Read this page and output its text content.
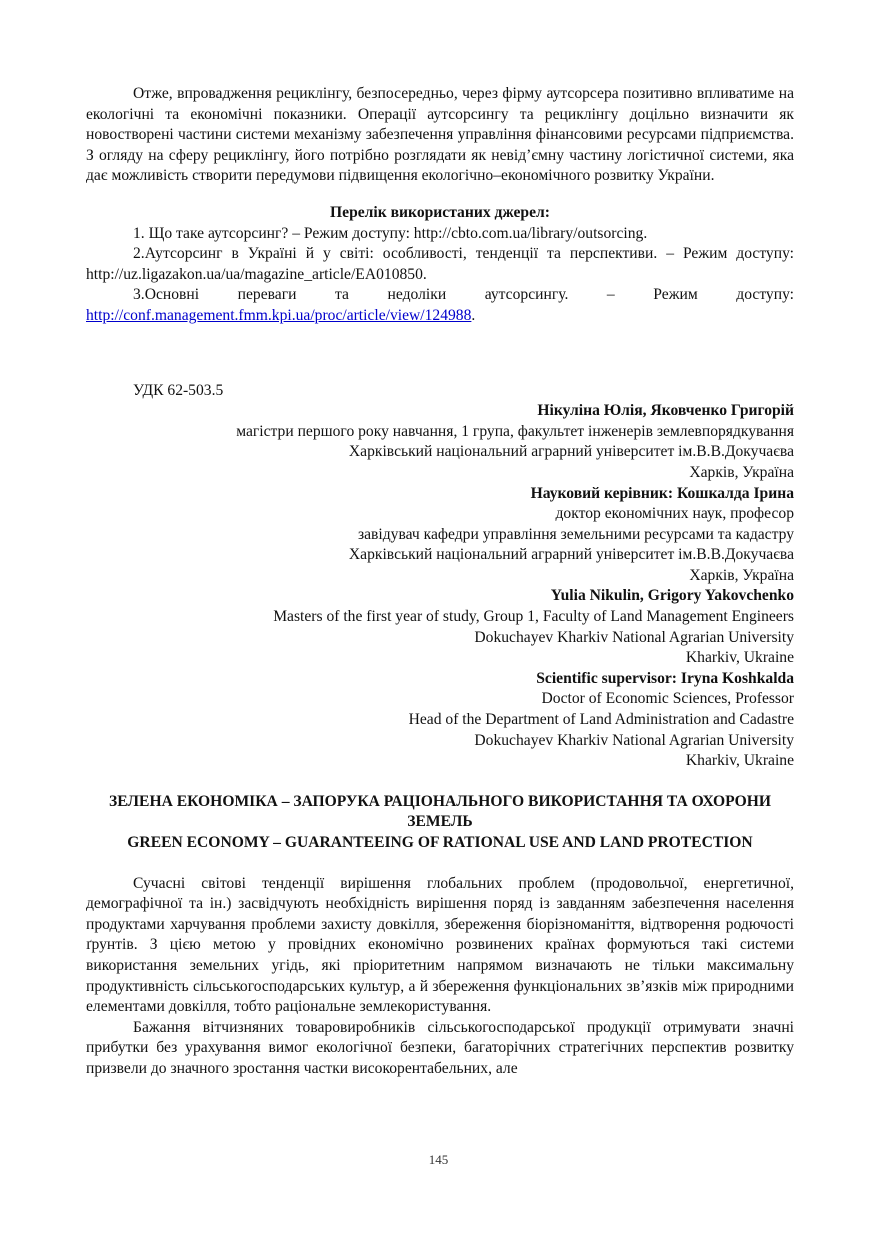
Отже, впровадження рециклінгу, безпосередньо, через фірму аутсорсера позитивно впливатиме на екологічні та економічні показники. Операції аутсорсингу та рециклінгу доцільно визначити як новостворені частини системи механізму забезпечення управління фінансовими ресурсами підприємства. З огляду на сферу рециклінгу, його потрібно розглядати як невід’ємну частину логістичної системи, яка дає можливість створити передумови підвищення екологічно–економічного розвитку України.

Перелік використаних джерел:

1. Що таке аутсорсинг? – Режим доступу: http://cbto.com.ua/library/outsorcing.

2.Аутсорсинг в Україні й у світі: особливості, тенденції та перспективи. – Режим доступу: http://uz.ligazakon.ua/ua/magazine_article/EA010850.

3.Основні переваги та недоліки аутсорсингу. – Режим доступу:

http://conf.management.fmm.kpi.ua/proc/article/view/124988.

УДК 62-503.5

Нікуліна Юлія, Яковченко Григорій

магістри першого року навчання, 1 група, факультет інженерів землевпорядкування

Харківський національний аграрний університет ім.В.В.Докучаєва

Харків, Україна

Науковий керівник: Кошкалда Ірина

доктор економічних наук, професор

завідувач кафедри управління земельними ресурсами та кадастру

Харківський національний аграрний університет ім.В.В.Докучаєва

Харків, Україна

Yulia Nikulin, Grigory Yakovchenko

Masters of the first year of study, Group 1, Faculty of Land Management Engineers

Dokuchayev Kharkiv National Agrarian University

Kharkiv, Ukraine

Scientific supervisor: Iryna Koshkalda

Doctor of Economic Sciences, Professor

Head of the Department of Land Administration and Cadastre

Dokuchayev Kharkiv National Agrarian University

Kharkiv, Ukraine

ЗЕЛЕНА ЕКОНОМІКА – ЗАПОРУКА РАЦІОНАЛЬНОГО ВИКОРИСТАННЯ ТА ОХОРОНИ ЗЕМЕЛЬ

GREEN ECONOMY – GUARANTEEING OF RATIONAL USE AND LAND PROTECTION

Сучасні світові тенденції вирішення глобальних проблем (продовольчої, енергетичної, демографічної та ін.) засвідчують необхідність вирішення поряд із завданням забезпечення населення продуктами харчування проблеми захисту довкілля, збереження біорізноманіття, відтворення родючості ґрунтів. З цією метою у провідних економічно розвинених країнах формуються такі системи використання земельних угідь, які пріоритетним напрямом визначають не тільки максимальну продуктивність сільськогосподарських культур, а й збереження функціональних зв’язків між природними елементами довкілля, тобто раціональне землекористування.

Бажання вітчизняних товаровиробників сільськогосподарської продукції отримувати значні прибутки без урахування вимог екологічної безпеки, багаторічних стратегічних перспектив розвитку призвели до значного зростання частки високорентабельних, але

145
